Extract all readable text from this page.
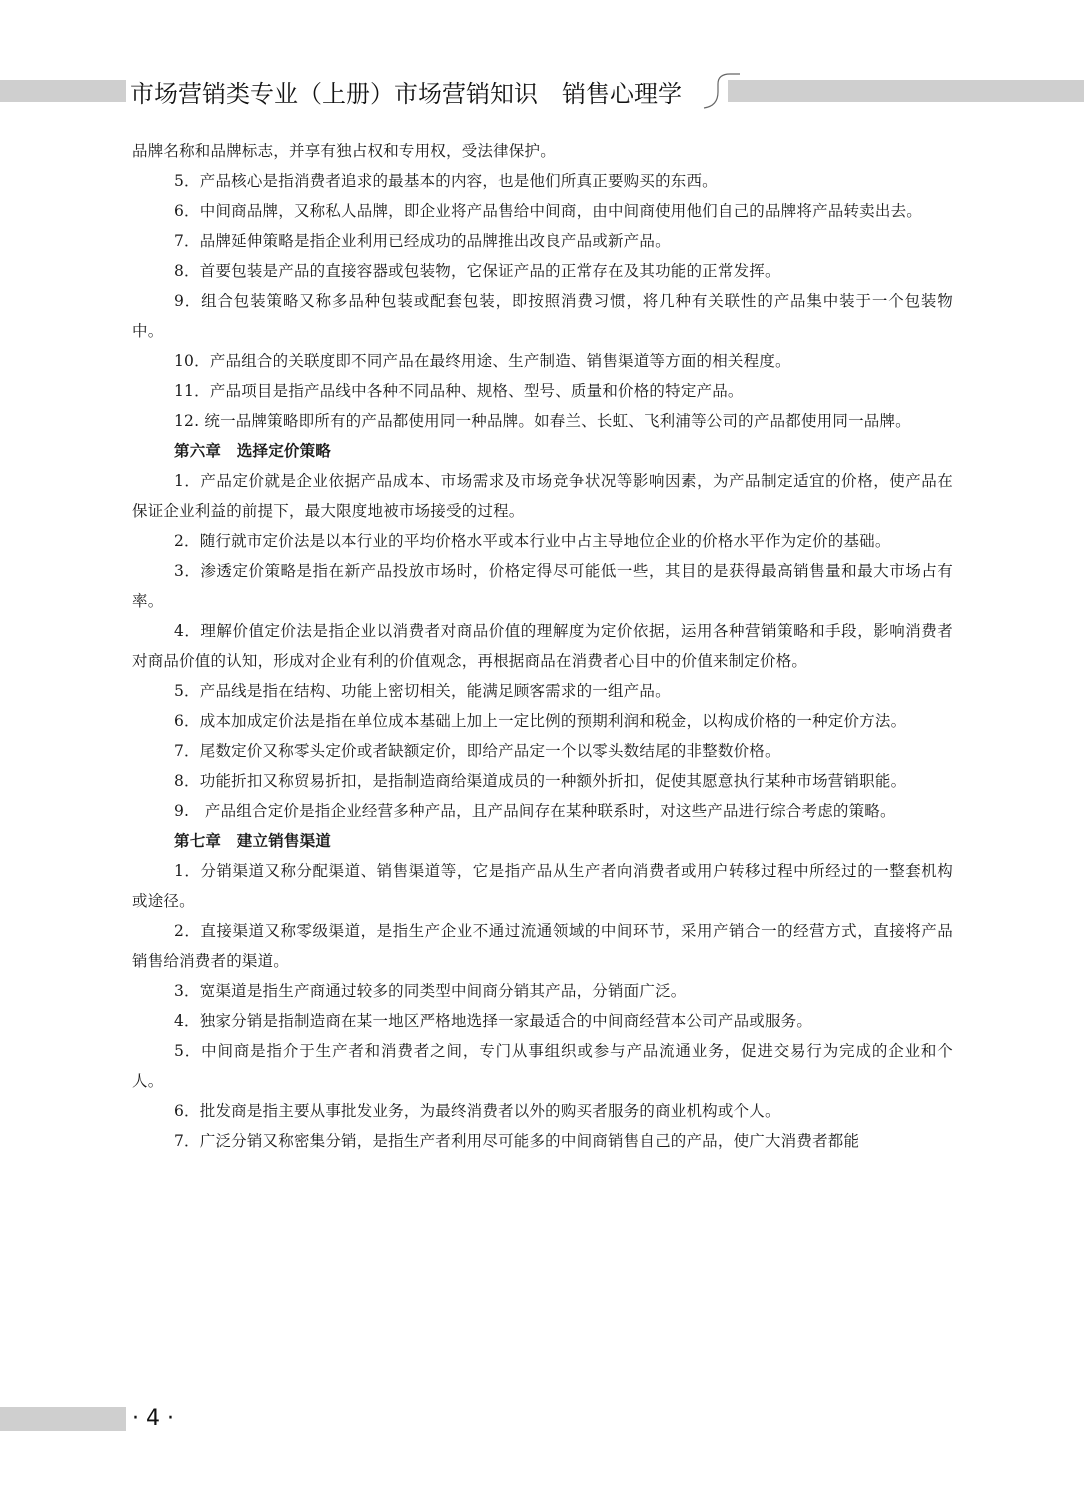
市场营销类专业（上册）市场营销知识　销售心理学

品牌名称和品牌标志，并享有独占权和专用权，受法律保护。

5．产品核心是指消费者追求的最基本的内容，也是他们所真正要购买的东西。

6．中间商品牌，又称私人品牌，即企业将产品售给中间商，由中间商使用他们自己的品牌将产品转卖出去。

7．品牌延伸策略是指企业利用已经成功的品牌推出改良产品或新产品。

8．首要包装是产品的直接容器或包装物，它保证产品的正常存在及其功能的正常发挥。

9．组合包装策略又称多品种包装或配套包装，即按照消费习惯，将几种有关联性的产品集中装于一个包装物中。

10．产品组合的关联度即不同产品在最终用途、生产制造、销售渠道等方面的相关程度。

11．产品项目是指产品线中各种不同品种、规格、型号、质量和价格的特定产品。

12. 统一品牌策略即所有的产品都使用同一种品牌。如春兰、长虹、飞利浦等公司的产品都使用同一品牌。

第六章　选择定价策略

1．产品定价就是企业依据产品成本、市场需求及市场竞争状况等影响因素，为产品制定适宜的价格，使产品在保证企业利益的前提下，最大限度地被市场接受的过程。

2．随行就市定价法是以本行业的平均价格水平或本行业中占主导地位企业的价格水平作为定价的基础。

3．渗透定价策略是指在新产品投放市场时，价格定得尽可能低一些，其目的是获得最高销售量和最大市场占有率。

4．理解价值定价法是指企业以消费者对商品价值的理解度为定价依据，运用各种营销策略和手段，影响消费者对商品价值的认知，形成对企业有利的价值观念，再根据商品在消费者心目中的价值来制定价格。

5．产品线是指在结构、功能上密切相关，能满足顾客需求的一组产品。

6．成本加成定价法是指在单位成本基础上加上一定比例的预期利润和税金，以构成价格的一种定价方法。

7．尾数定价又称零头定价或者缺额定价，即给产品定一个以零头数结尾的非整数价格。

8．功能折扣又称贸易折扣，是指制造商给渠道成员的一种额外折扣，促使其愿意执行某种市场营销职能。

9.　产品组合定价是指企业经营多种产品，且产品间存在某种联系时，对这些产品进行综合考虑的策略。

第七章　建立销售渠道

1．分销渠道又称分配渠道、销售渠道等，它是指产品从生产者向消费者或用户转移过程中所经过的一整套机构或途径。

2．直接渠道又称零级渠道，是指生产企业不通过流通领域的中间环节，采用产销合一的经营方式，直接将产品销售给消费者的渠道。

3．宽渠道是指生产商通过较多的同类型中间商分销其产品，分销面广泛。

4．独家分销是指制造商在某一地区严格地选择一家最适合的中间商经营本公司产品或服务。

5．中间商是指介于生产者和消费者之间，专门从事组织或参与产品流通业务，促进交易行为完成的企业和个人。

6．批发商是指主要从事批发业务，为最终消费者以外的购买者服务的商业机构或个人。

7．广泛分销又称密集分销，是指生产者利用尽可能多的中间商销售自己的产品，使广大消费者都能

· 4 ·
